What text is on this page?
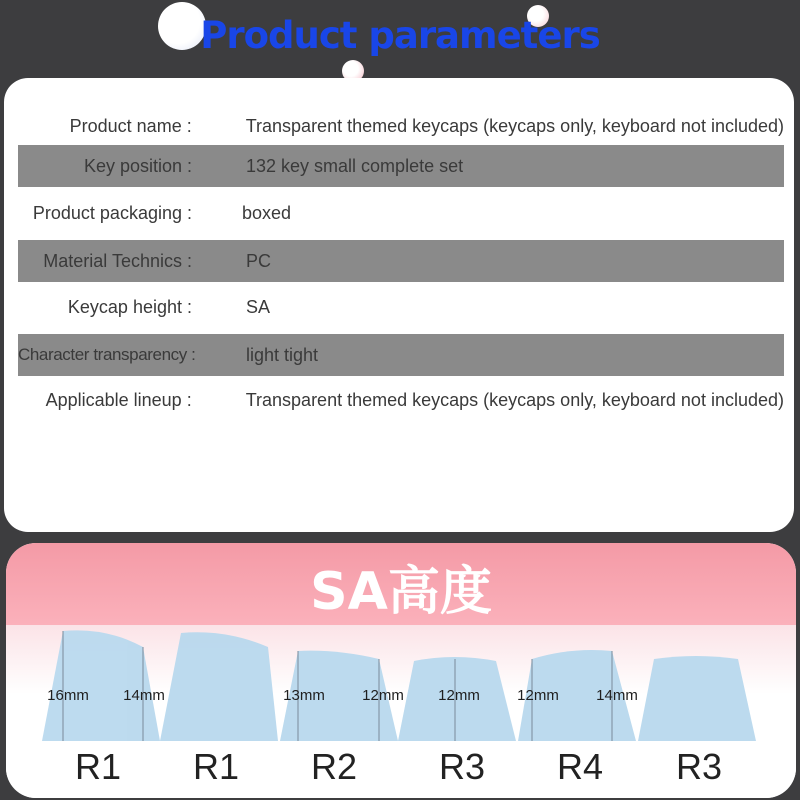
Product parameters
Product name :	Transparent themed keycaps (keycaps only, keyboard not included)
Key position :	132 key small complete set
Product packaging :	boxed
Material Technics :	PC
Keycap height :	SA
Character transparency :	light tight
Applicable lineup :	Transparent themed keycaps (keycaps only, keyboard not included)
SA高度
16mm 14mm	13mm 12mm 12mm 12mm 14mm
R1	R1	R2	R3	R4	R3
